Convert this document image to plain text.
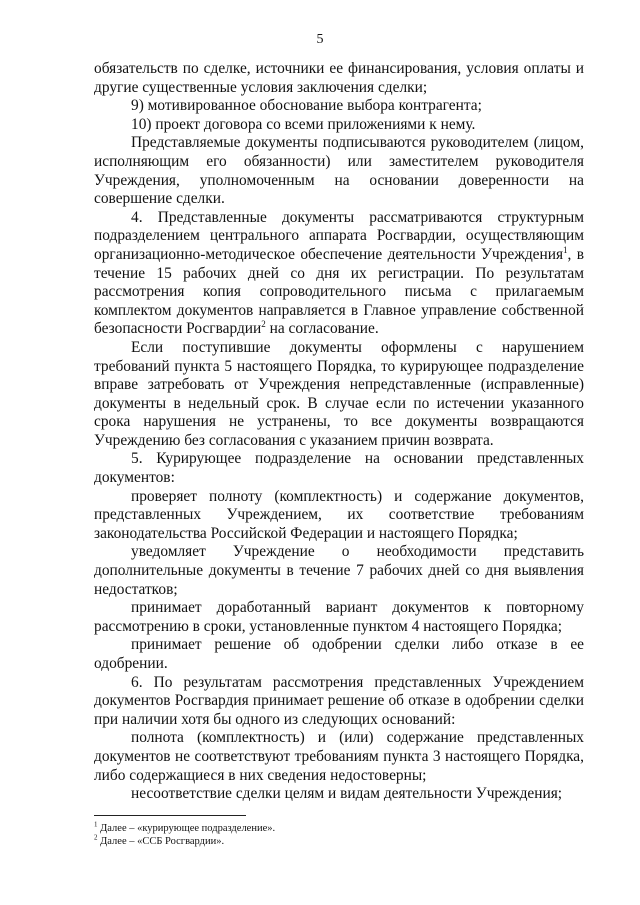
5

обязательств по сделке, источники ее финансирования, условия оплаты и другие существенные условия заключения сделки;

9) мотивированное обоснование выбора контрагента;

10) проект договора со всеми приложениями к нему.

Представляемые документы подписываются руководителем (лицом, исполняющим его обязанности) или заместителем руководителя Учреждения, уполномоченным на основании доверенности на совершение сделки.

4. Представленные документы рассматриваются структурным подразделением центрального аппарата Росгвардии, осуществляющим организационно-методическое обеспечение деятельности Учреждения$^1$, в течение 15 рабочих дней со дня их регистрации. По результатам рассмотрения копия сопроводительного письма с прилагаемым комплектом документов направляется в Главное управление собственной безопасности Росгвардии$^2$ на согласование.

Если поступившие документы оформлены с нарушением требований пункта 5 настоящего Порядка, то курирующее подразделение вправе затребовать от Учреждения непредставленные (исправленные) документы в недельный срок. В случае если по истечении указанного срока нарушения не устранены, то все документы возвращаются Учреждению без согласования с указанием причин возврата.

5. Курирующее подразделение на основании представленных документов:

проверяет полноту (комплектность) и содержание документов, представленных Учреждением, их соответствие требованиям законодательства Российской Федерации и настоящего Порядка;

уведомляет Учреждение о необходимости представить дополнительные документы в течение 7 рабочих дней со дня выявления недостатков;

принимает доработанный вариант документов к повторному рассмотрению в сроки, установленные пунктом 4 настоящего Порядка;

принимает решение об одобрении сделки либо отказе в ее одобрении.

6. По результатам рассмотрения представленных Учреждением документов Росгвардия принимает решение об отказе в одобрении сделки при наличии хотя бы одного из следующих оснований:

полнота (комплектность) и (или) содержание представленных документов не соответствуют требованиям пункта 3 настоящего Порядка, либо содержащиеся в них сведения недостоверны;

несоответствие сделки целям и видам деятельности Учреждения;

$^1$ Далее – «курирующее подразделение».

$^2$ Далее – «ССБ Росгвардии».
